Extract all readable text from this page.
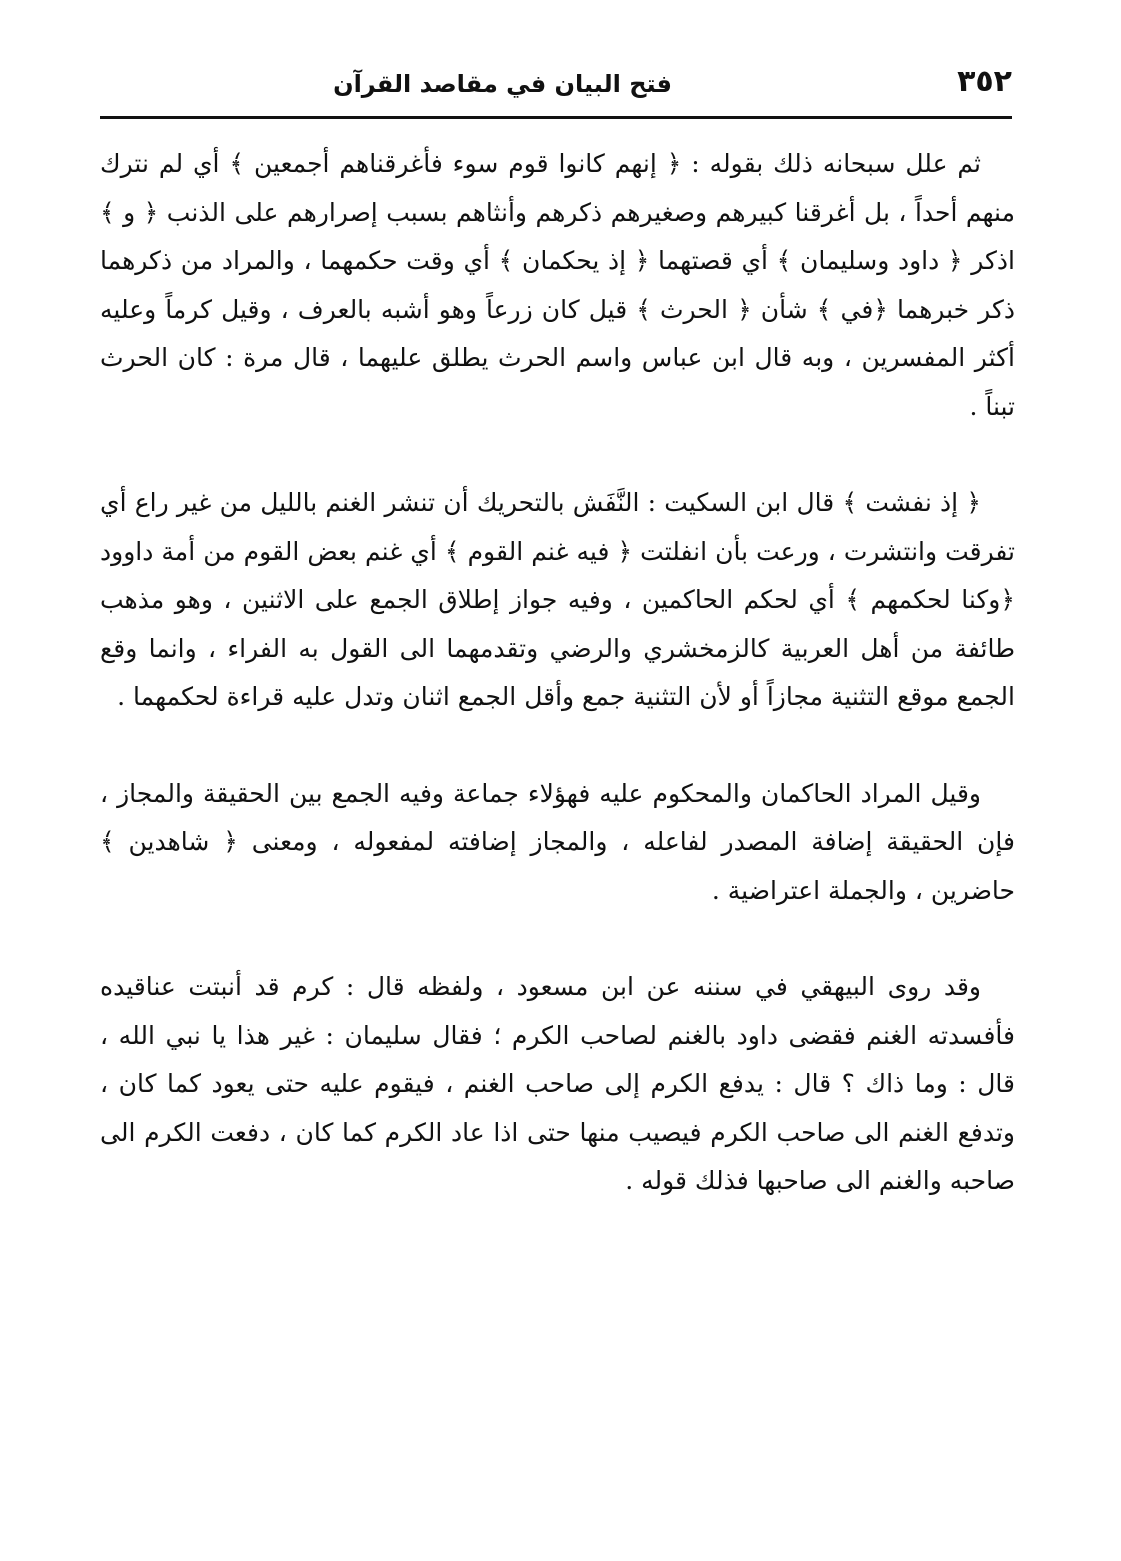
٣٥٢
فتح البيان في مقاصد القرآن

ثم علل سبحانه ذلك بقوله : ﴿ إنهم كانوا قوم سوء فأغرقناهم أجمعين ﴾ أي لم نترك منهم أحداً ، بل أغرقنا كبيرهم وصغيرهم ذكرهم وأنثاهم بسبب إصرارهم على الذنب ﴿ و ﴾ اذكر ﴿ داود وسليمان ﴾ أي قصتهما ﴿ إذ يحكمان ﴾ أي وقت حكمهما ، والمراد من ذكرهما ذكر خبرهما ﴿في ﴾ شأن ﴿ الحرث ﴾ قيل كان زرعاً وهو أشبه بالعرف ، وقيل كرماً وعليه أكثر المفسرين ، وبه قال ابن عباس واسم الحرث يطلق عليهما ، قال مرة : كان الحرث تبناً .

﴿ إذ نفشت ﴾ قال ابن السكيت : النَّفَش بالتحريك أن تنشر الغنم بالليل من غير راع أي تفرقت وانتشرت ، ورعت بأن انفلتت ﴿ فيه غنم القوم ﴾ أي غنم بعض القوم من أمة داوود ﴿وكنا لحكمهم ﴾ أي لحكم الحاكمين ، وفيه جواز إطلاق الجمع على الاثنين ، وهو مذهب طائفة من أهل العربية كالزمخشري والرضي وتقدمهما الى القول به الفراء ، وانما وقع الجمع موقع التثنية مجازاً أو لأن التثنية جمع وأقل الجمع اثنان وتدل عليه قراءة لحكمهما .

وقيل المراد الحاكمان والمحكوم عليه فهؤلاء جماعة وفيه الجمع بين الحقيقة والمجاز ، فإن الحقيقة إضافة المصدر لفاعله ، والمجاز إضافته لمفعوله ، ومعنى ﴿ شاهدين ﴾ حاضرين ، والجملة اعتراضية .

وقد روى البيهقي في سننه عن ابن مسعود ، ولفظه قال : كرم قد أنبتت عناقيده فأفسدته الغنم فقضى داود بالغنم لصاحب الكرم ؛ فقال سليمان : غير هذا يا نبي الله ، قال : وما ذاك ؟ قال : يدفع الكرم إلى صاحب الغنم ، فيقوم عليه حتى يعود كما كان ، وتدفع الغنم الى صاحب الكرم فيصيب منها حتى اذا عاد الكرم كما كان ، دفعت الكرم الى صاحبه والغنم الى صاحبها فذلك قوله .
